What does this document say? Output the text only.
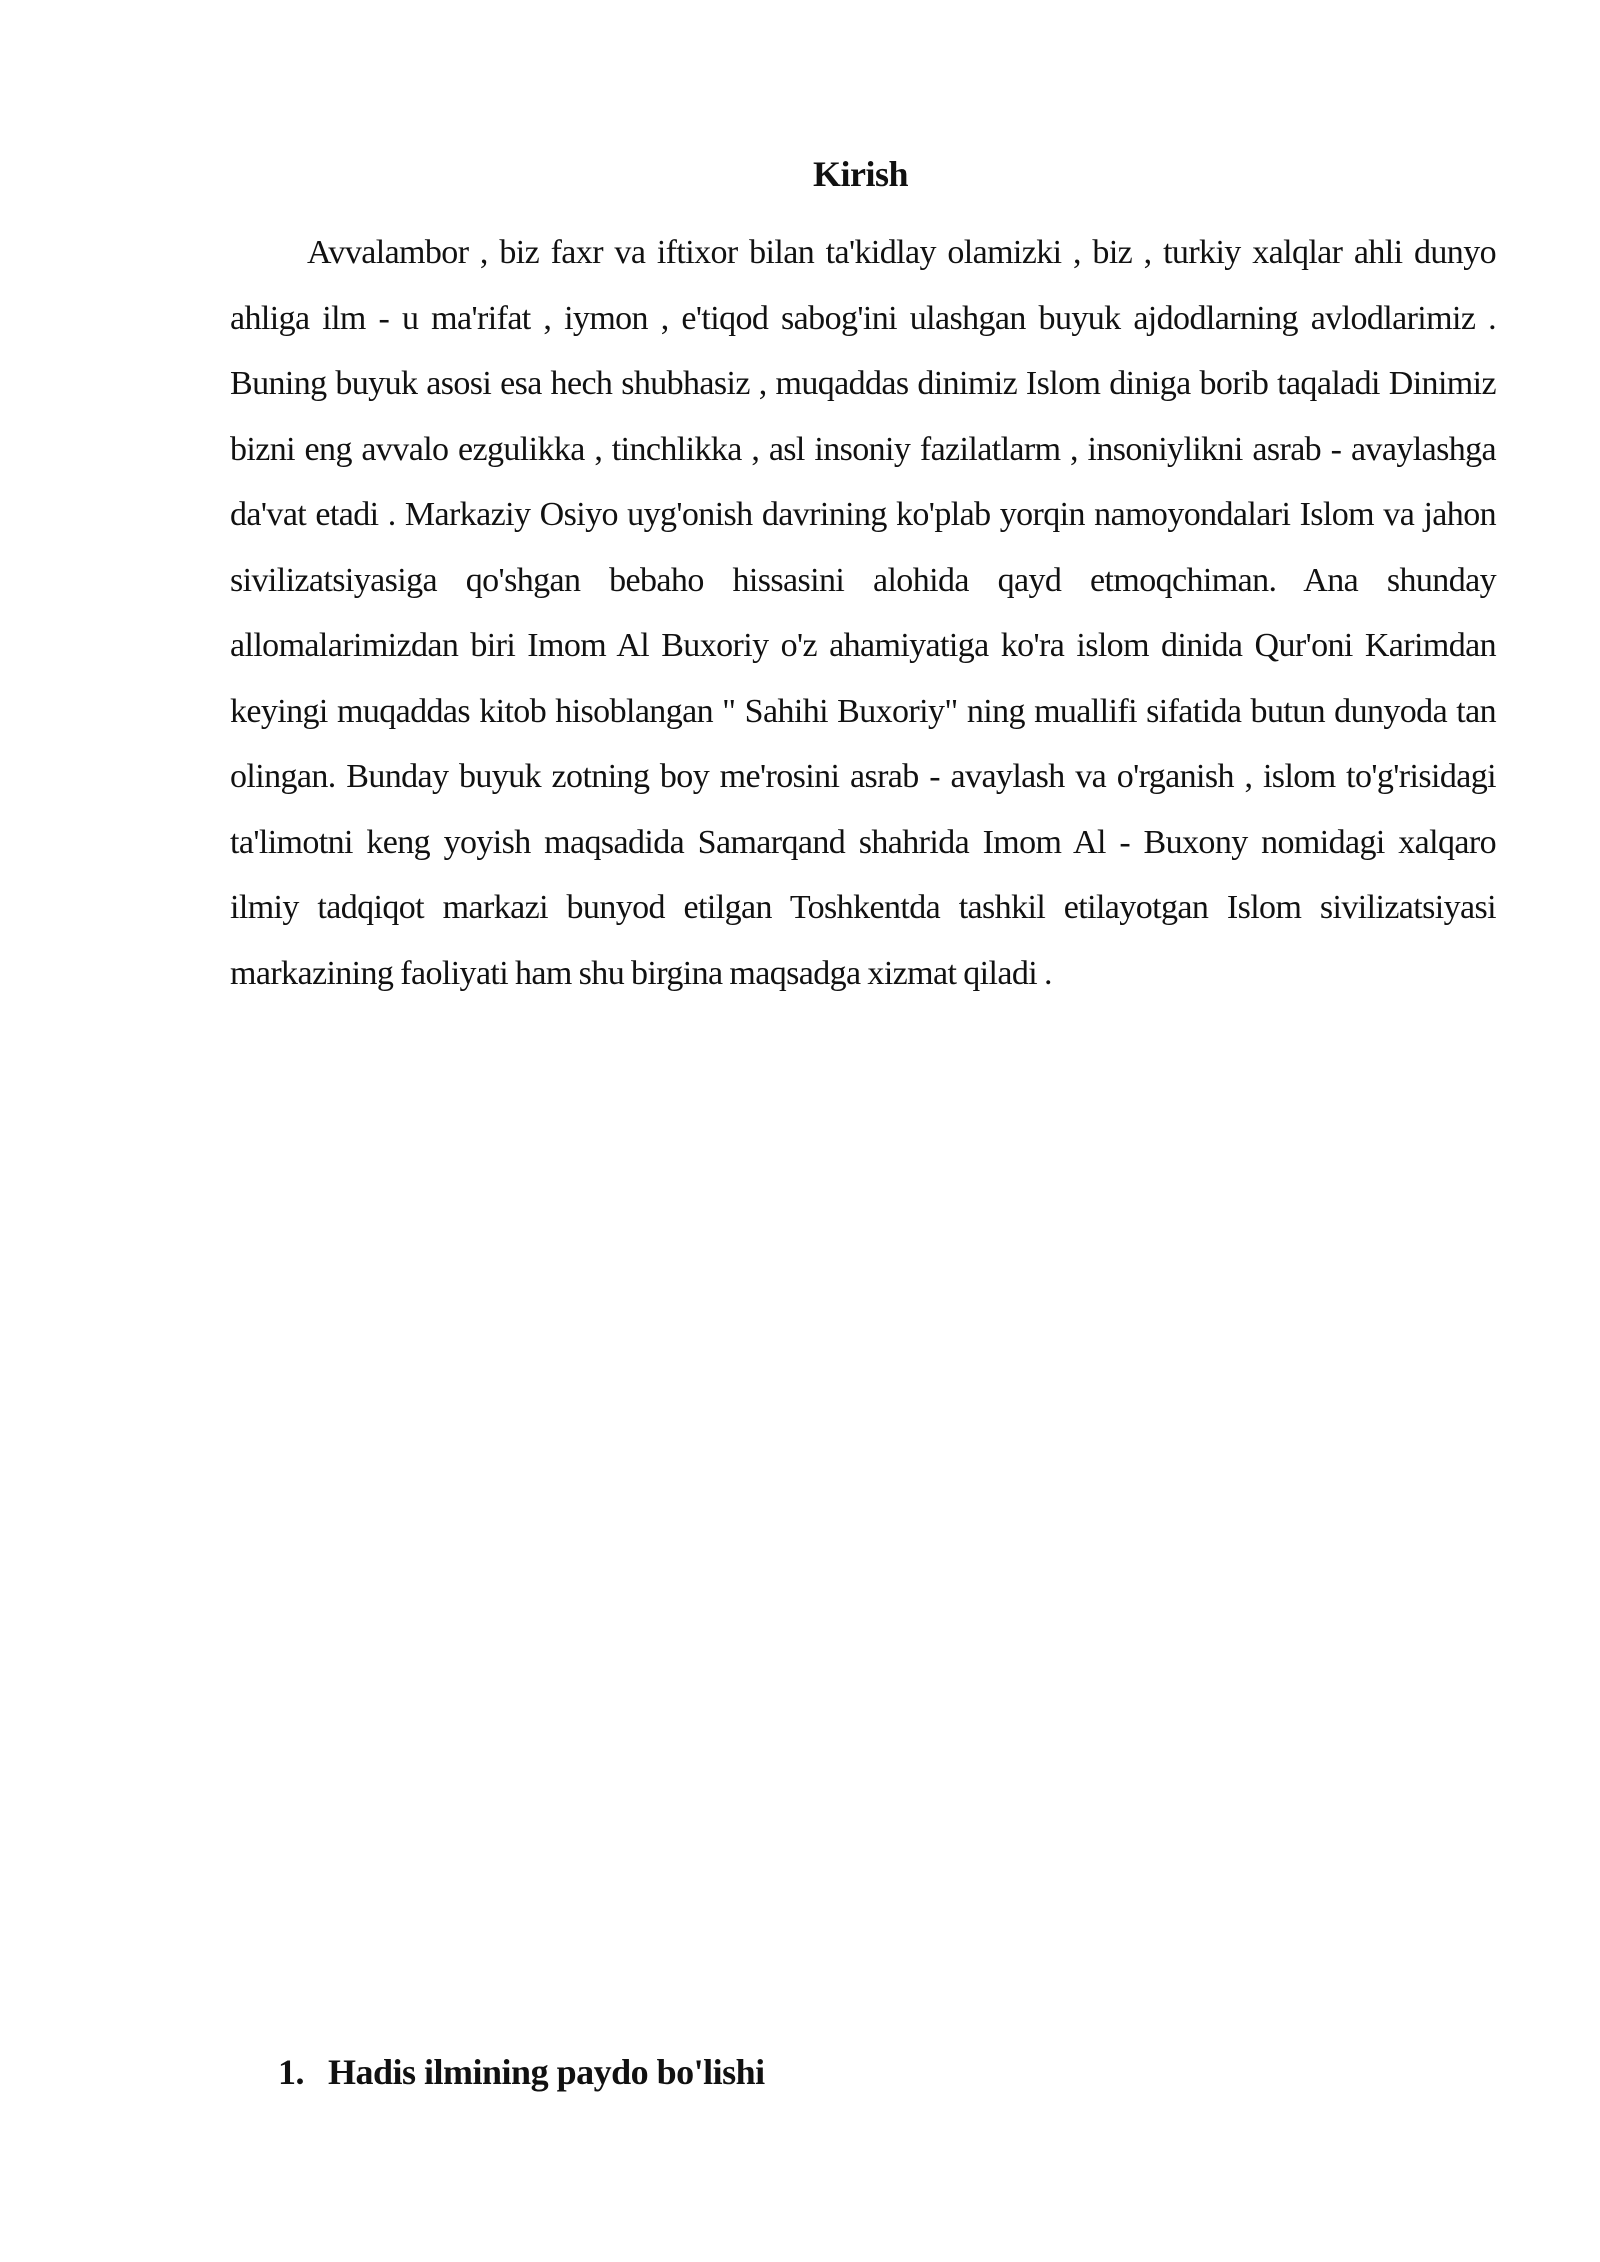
Kirish

Avvalambor , biz faxr va iftixor bilan ta'kidlay olamizki , biz , turkiy xalqlar ahli dunyo ahliga ilm - u ma'rifat , iymon , e'tiqod sabog'ini ulashgan buyuk ajdodlarning avlodlarimiz . Buning buyuk asosi esa hech shubhasiz , muqaddas dinimiz Islom diniga borib taqaladi Dinimiz bizni eng avvalo ezgulikka , tinchlikka , asl insoniy fazilatlarm , insoniylikni asrab - avaylashga da'vat etadi . Markaziy Osiyo uyg'onish davrining ko'plab yorqin namoyondalari Islom va jahon sivilizatsiyasiga qo'shgan bebaho hissasini alohida qayd etmoqchiman. Ana shunday allomalarimizdan biri Imom Al Buxoriy o'z ahamiyatiga ko'ra islom dinida Qur'oni Karimdan keyingi muqaddas kitob hisoblangan " Sahihi Buxoriy" ning muallifi sifatida butun dunyoda tan olingan. Bunday buyuk zotning boy me'rosini asrab - avaylash va o'rganish , islom to'g'risidagi ta'limotni keng yoyish maqsadida Samarqand shahrida Imom Al - Buxony nomidagi xalqaro ilmiy tadqiqot markazi bunyod etilgan Toshkentda tashkil etilayotgan Islom sivilizatsiyasi markazining faoliyati ham shu birgina maqsadga xizmat qiladi .

1. Hadis ilmining paydo bo'lishi
